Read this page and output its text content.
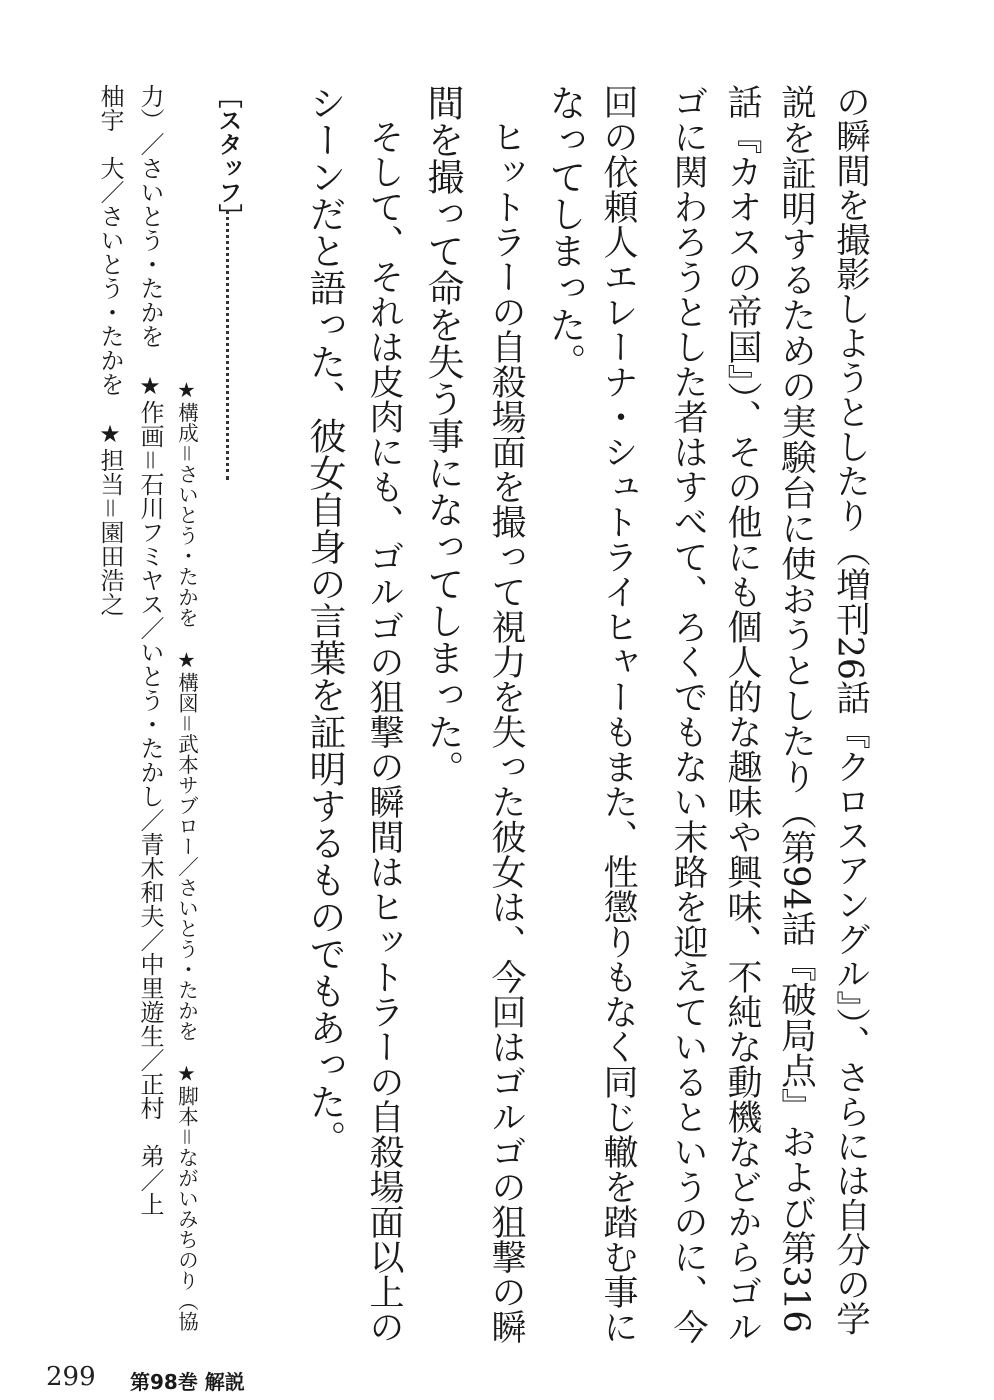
の瞬間を撮影しようとしたり（増刊26話『クロスアングル』）、さらには自分の学
説を証明するための実験台に使おうとしたり（第94話『破局点』および第316
話『カオスの帝国』）、その他にも個人的な趣味や興味、不純な動機などからゴル
ゴに関わろうとした者はすべて、ろくでもない末路を迎えているというのに、今
回の依頼人エレーナ・シュトライヒャーもまた、性懲りもなく同じ轍を踏む事に
なってしまった。
　ヒットラーの自殺場面を撮って視力を失った彼女は、今回はゴルゴの狙撃の瞬
間を撮って命を失う事になってしまった。
　そして、それは皮肉にも、ゴルゴの狙撃の瞬間はヒットラーの自殺場面以上の
シーンだと語った、彼女自身の言葉を証明するものでもあった。
［スタッフ］
★構成＝さいとう・たかを　★構図＝武本サブロー／さいとう・たかを　★脚本＝ながいみちのり（協
力）／さいとう・たかを　★作画＝石川フミヤス／いとう・たかし／青木和夫／中里遊生／正村　弟／上
柚宇　大／さいとう・たかを　★担当＝園田浩之
299 第98巻 解説
